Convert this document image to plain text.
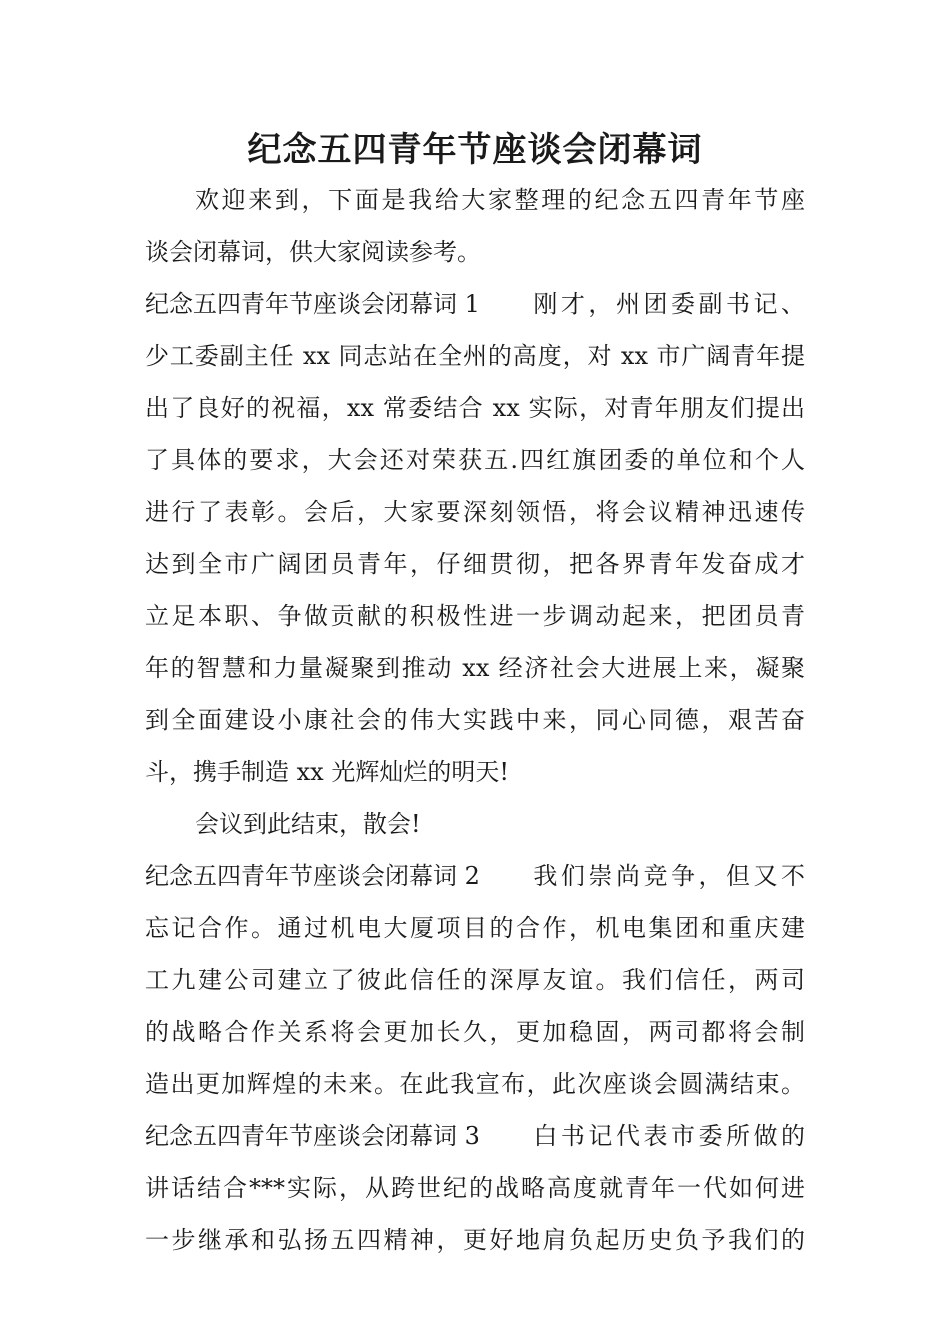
纪念五四青年节座谈会闭幕词
欢迎来到，下面是我给大家整理的纪念五四青年节座
谈会闭幕词，供大家阅读参考。
纪念五四青年节座谈会闭幕词 1 刚才，州团委副书记、
少工委副主任 xx 同志站在全州的高度，对 xx 市广阔青年提
出了良好的祝福，xx 常委结合 xx 实际，对青年朋友们提出
了具体的要求，大会还对荣获五.四红旗团委的单位和个人
进行了表彰。会后，大家要深刻领悟，将会议精神迅速传
达到全市广阔团员青年，仔细贯彻，把各界青年发奋成才
立足本职、争做贡献的积极性进一步调动起来，把团员青
年的智慧和力量凝聚到推动 xx 经济社会大进展上来，凝聚
到全面建设小康社会的伟大实践中来，同心同德，艰苦奋
斗，携手制造 xx 光辉灿烂的明天!
会议到此结束，散会!
纪念五四青年节座谈会闭幕词 2 我们崇尚竞争，但又不
忘记合作。通过机电大厦项目的合作，机电集团和重庆建
工九建公司建立了彼此信任的深厚友谊。我们信任，两司
的战略合作关系将会更加长久，更加稳固，两司都将会制
造出更加辉煌的未来。在此我宣布，此次座谈会圆满结束。
纪念五四青年节座谈会闭幕词 3 白书记代表市委所做的
讲话结合***实际，从跨世纪的战略高度就青年一代如何进
一步继承和弘扬五四精神，更好地肩负起历史负予我们的
